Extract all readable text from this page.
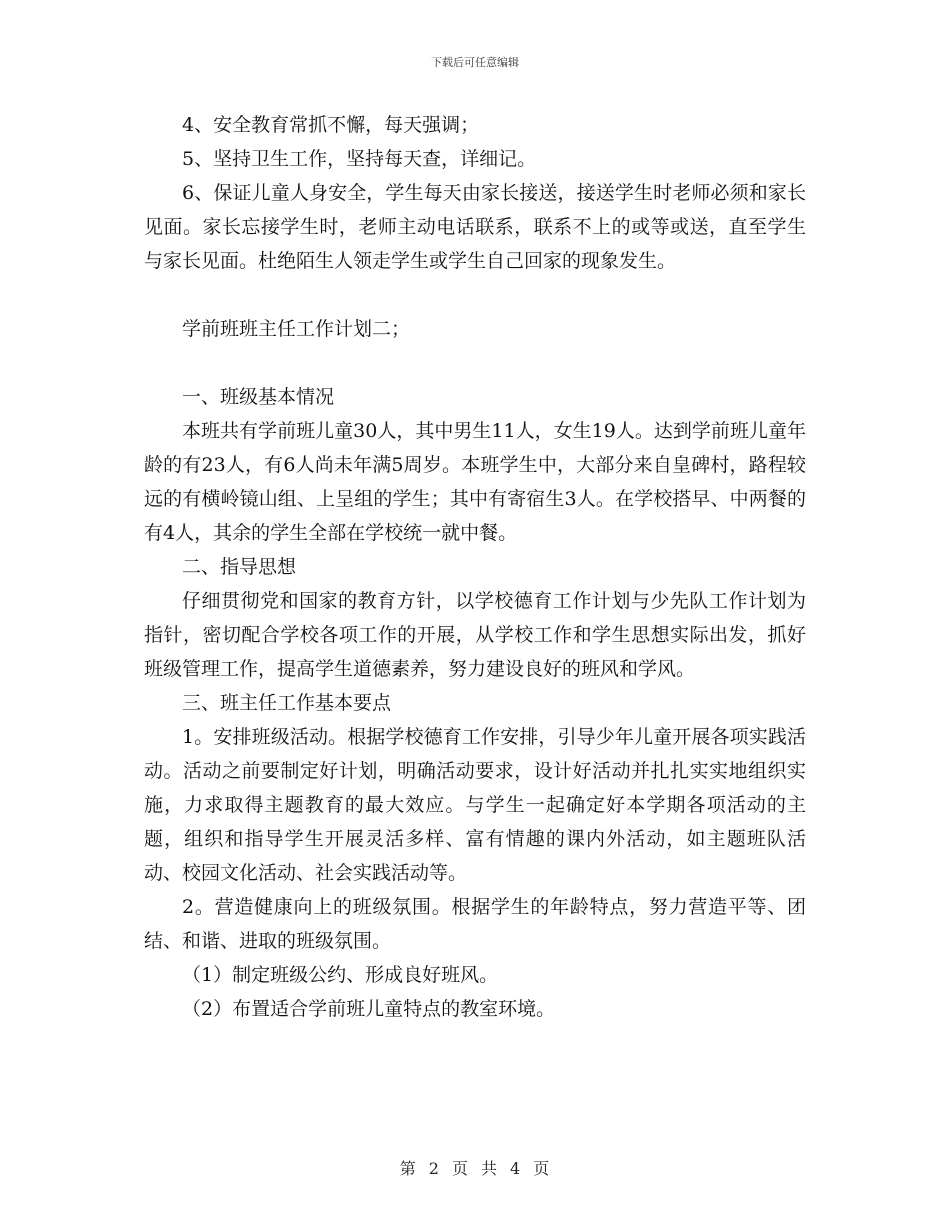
下载后可任意编辑

4、安全教育常抓不懈，每天强调；

5、坚持卫生工作，坚持每天查，详细记。

6、保证儿童人身安全，学生每天由家长接送，接送学生时老师必须和家长见面。家长忘接学生时，老师主动电话联系，联系不上的或等或送，直至学生与家长见面。杜绝陌生人领走学生或学生自己回家的现象发生。

学前班班主任工作计划二；

一、班级基本情况

本班共有学前班儿童30人，其中男生11人，女生19人。达到学前班儿童年龄的有23人，有6人尚未年满5周岁。本班学生中，大部分来自皇碑村，路程较远的有横岭镜山组、上呈组的学生；其中有寄宿生3人。在学校搭早、中两餐的有4人，其余的学生全部在学校统一就中餐。

二、指导思想

仔细贯彻党和国家的教育方针，以学校德育工作计划与少先队工作计划为指针，密切配合学校各项工作的开展，从学校工作和学生思想实际出发，抓好班级管理工作，提高学生道德素养，努力建设良好的班风和学风。

三、班主任工作基本要点

1。安排班级活动。根据学校德育工作安排，引导少年儿童开展各项实践活动。活动之前要制定好计划，明确活动要求，设计好活动并扎扎实实地组织实施，力求取得主题教育的最大效应。与学生一起确定好本学期各项活动的主题，组织和指导学生开展灵活多样、富有情趣的课内外活动，如主题班队活动、校园文化活动、社会实践活动等。

2。营造健康向上的班级氛围。根据学生的年龄特点，努力营造平等、团结、和谐、进取的班级氛围。

（1）制定班级公约、形成良好班风。

（2）布置适合学前班儿童特点的教室环境。

第 2 页 共 4 页
